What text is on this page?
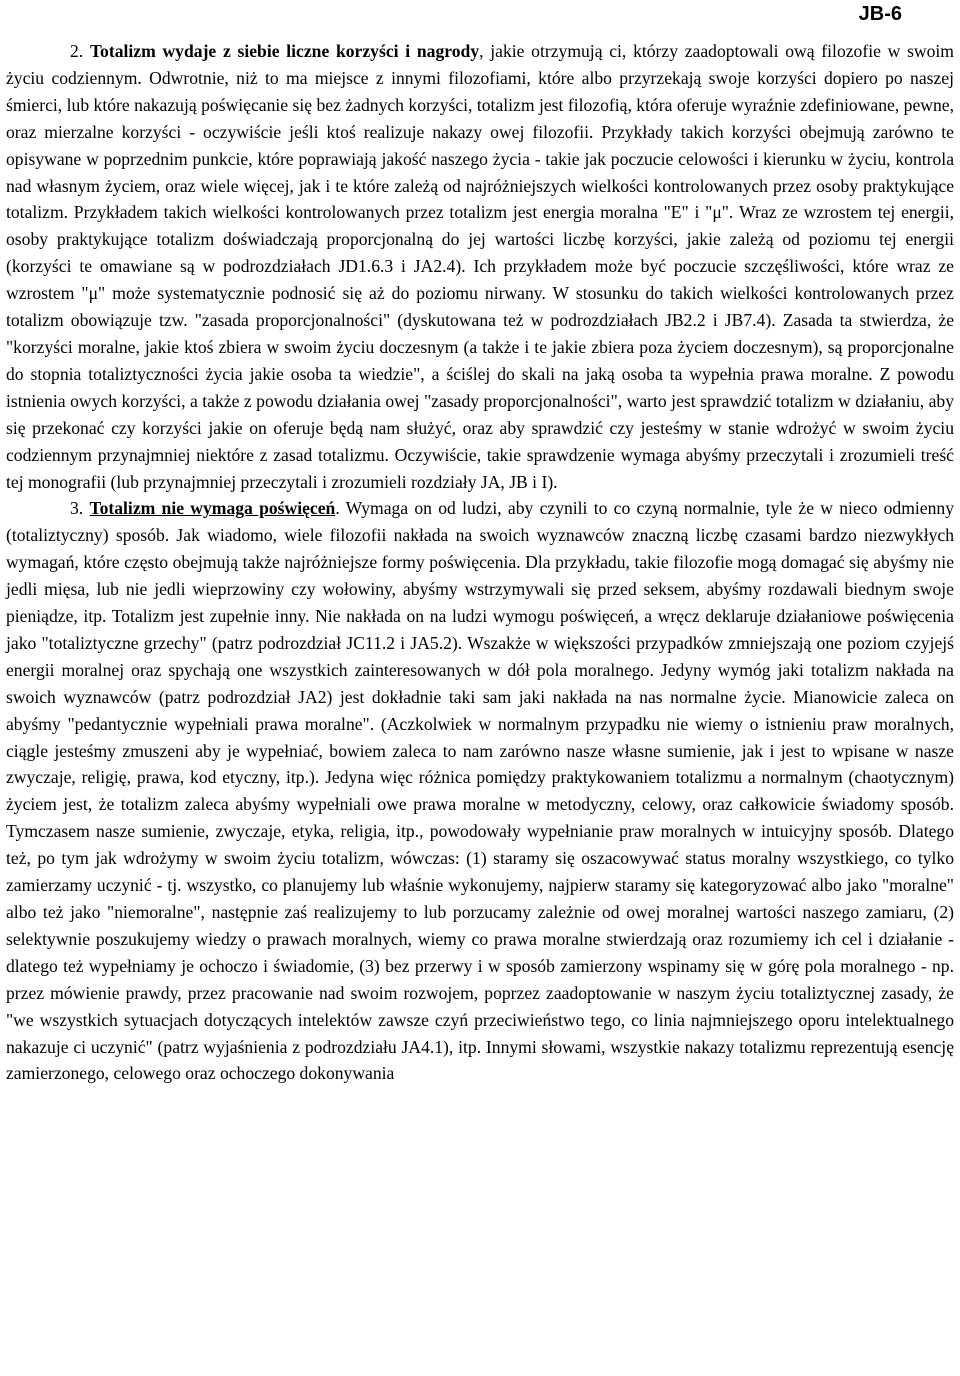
JB-6

2. Totalizm wydaje z siebie liczne korzyści i nagrody, jakie otrzymują ci, którzy zaadoptowali ową filozofie w swoim życiu codziennym. Odwrotnie, niż to ma miejsce z innymi filozofiami, które albo przyrzekają swoje korzyści dopiero po naszej śmierci, lub które nakazują poświęcanie się bez żadnych korzyści, totalizm jest filozofią, która oferuje wyraźnie zdefiniowane, pewne, oraz mierzalne korzyści - oczywiście jeśli ktoś realizuje nakazy owej filozofii. Przykłady takich korzyści obejmują zarówno te opisywane w poprzednim punkcie, które poprawiają jakość naszego życia - takie jak poczucie celowości i kierunku w życiu, kontrola nad własnym życiem, oraz wiele więcej, jak i te które zależą od najróżniejszych wielkości kontrolowanych przez osoby praktykujące totalizm. Przykładem takich wielkości kontrolowanych przez totalizm jest energia moralna "E" i "μ". Wraz ze wzrostem tej energii, osoby praktykujące totalizm doświadczają proporcjonalną do jej wartości liczbę korzyści, jakie zależą od poziomu tej energii (korzyści te omawiane są w podrozdziałach JD1.6.3 i JA2.4). Ich przykładem może być poczucie szczęśliwości, które wraz ze wzrostem "μ" może systematycznie podnosić się aż do poziomu nirwany. W stosunku do takich wielkości kontrolowanych przez totalizm obowiązuje tzw. "zasada proporcjonalności" (dyskutowana też w podrozdziałach JB2.2 i JB7.4). Zasada ta stwierdza, że "korzyści moralne, jakie ktoś zbiera w swoim życiu doczesnym (a także i te jakie zbiera poza życiem doczesnym), są proporcjonalne do stopnia totaliztyczności życia jakie osoba ta wiedzie", a ściślej do skali na jaką osoba ta wypełnia prawa moralne. Z powodu istnienia owych korzyści, a także z powodu działania owej "zasady proporcjonalności", warto jest sprawdzić totalizm w działaniu, aby się przekonać czy korzyści jakie on oferuje będą nam służyć, oraz aby sprawdzić czy jesteśmy w stanie wdrożyć w swoim życiu codziennym przynajmniej niektóre z zasad totalizmu. Oczywiście, takie sprawdzenie wymaga abyśmy przeczytali i zrozumieli treść tej monografii (lub przynajmniej przeczytali i zrozumieli rozdziały JA, JB i I).

3. Totalizm nie wymaga poświęceń. Wymaga on od ludzi, aby czynili to co czyną normalnie, tyle że w nieco odmienny (totaliztyczny) sposób. Jak wiadomo, wiele filozofii nakłada na swoich wyznawców znaczną liczbę czasami bardzo niezwykłych wymagań, które często obejmują także najróżniejsze formy poświęcenia. Dla przykładu, takie filozofie mogą domagać się abyśmy nie jedli mięsa, lub nie jedli wieprzowiny czy wołowiny, abyśmy wstrzymywali się przed seksem, abyśmy rozdawali biednym swoje pieniądze, itp. Totalizm jest zupełnie inny. Nie nakłada on na ludzi wymogu poświęceń, a wręcz deklaruje działaniowe poświęcenia jako "totaliztyczne grzechy" (patrz podrozdział JC11.2 i JA5.2). Wszakże w większości przypadków zmniejszają one poziom czyjejś energii moralnej oraz spychają one wszystkich zainteresowanych w dół pola moralnego. Jedyny wymóg jaki totalizm nakłada na swoich wyznawców (patrz podrozdział JA2) jest dokładnie taki sam jaki nakłada na nas normalne życie. Mianowicie zaleca on abyśmy "pedantycznie wypełniali prawa moralne". (Aczkolwiek w normalnym przypadku nie wiemy o istnieniu praw moralnych, ciągle jesteśmy zmuszeni aby je wypełniać, bowiem zaleca to nam zarówno nasze własne sumienie, jak i jest to wpisane w nasze zwyczaje, religię, prawa, kod etyczny, itp.). Jedyna więc różnica pomiędzy praktykowaniem totalizmu a normalnym (chaotycznym) życiem jest, że totalizm zaleca abyśmy wypełniali owe prawa moralne w metodyczny, celowy, oraz całkowicie świadomy sposób. Tymczasem nasze sumienie, zwyczaje, etyka, religia, itp., powodowały wypełnianie praw moralnych w intuicyjny sposób. Dlatego też, po tym jak wdrożymy w swoim życiu totalizm, wówczas: (1) staramy się oszacowywać status moralny wszystkiego, co tylko zamierzamy uczynić - tj. wszystko, co planujemy lub właśnie wykonujemy, najpierw staramy się kategoryzować albo jako "moralne" albo też jako "niemoralne", następnie zaś realizujemy to lub porzucamy zależnie od owej moralnej wartości naszego zamiaru, (2) selektywnie poszukujemy wiedzy o prawach moralnych, wiemy co prawa moralne stwierdzają oraz rozumiemy ich cel i działanie - dlatego też wypełniamy je ochoczo i świadomie, (3) bez przerwy i w sposób zamierzony wspinamy się w górę pola moralnego - np. przez mówienie prawdy, przez pracowanie nad swoim rozwojem, poprzez zaadoptowanie w naszym życiu totaliztycznej zasady, że "we wszystkich sytuacjach dotyczących intelektów zawsze czyń przeciwieństwo tego, co linia najmniejszego oporu intelektualnego nakazuje ci uczynić" (patrz wyjaśnienia z podrozdziału JA4.1), itp. Innymi słowami, wszystkie nakazy totalizmu reprezentują esencję zamierzonego, celowego oraz ochoczego dokonywania
